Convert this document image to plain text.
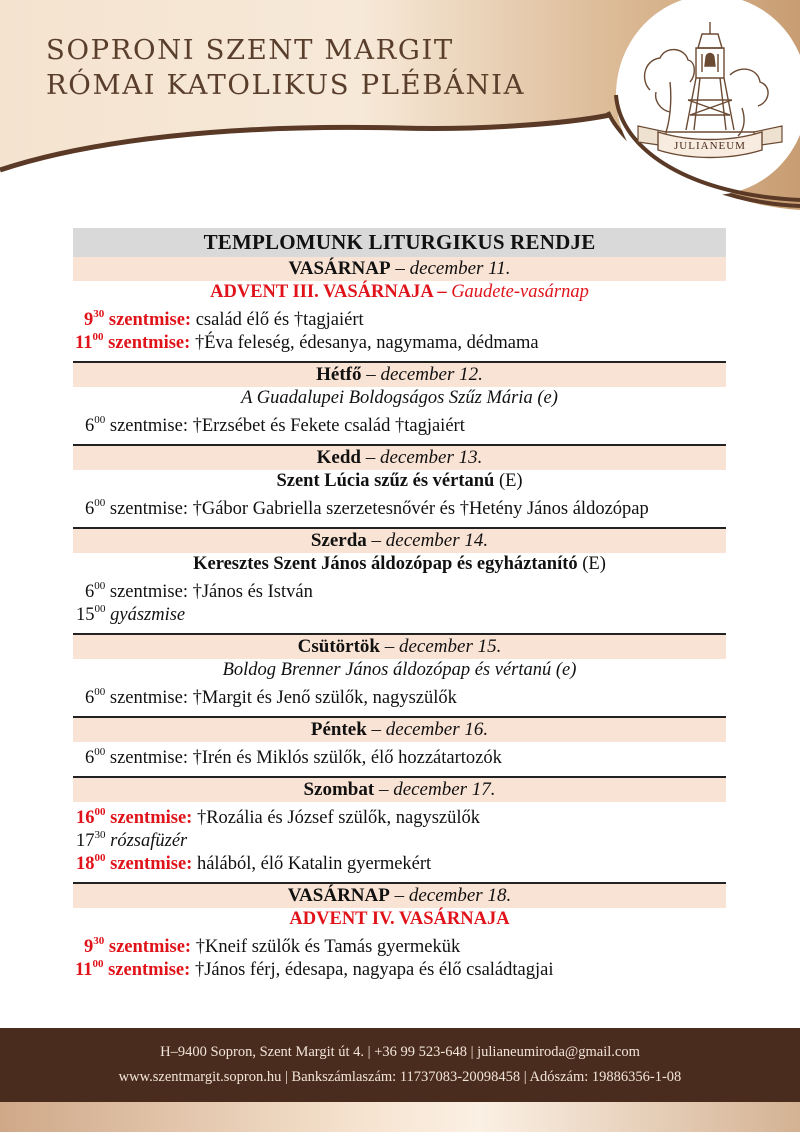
SOPRONI SZENT MARGIT
RÓMAI KATOLIKUS PLÉBÁNIA
JULIANEUM
TEMPLOMUNK LITURGIKUS RENDJE
VASÁRNAP – december 11.
ADVENT III. VASÁRNAJA – Gaudete-vasárnap
$9^{30}$ szentmise: család élő és †tagjaiért
$11^{00}$ szentmise: †Éva feleség, édesanya, nagymama, dédmama
Hétfő – december 12.
A Guadalupei Boldogságos Szűz Mária (e)
$6^{00}$ szentmise: †Erzsébet és Fekete család †tagjaiért
Kedd – december 13.
Szent Lúcia szűz és vértanú (E)
$6^{00}$ szentmise: †Gábor Gabriella szerzetesnővér és †Hetény János áldozópap
Szerda – december 14.
Keresztes Szent János áldozópap és egyháztanító (E)
$6^{00}$ szentmise: †János és István
$15^{00}$ gyászmise
Csütörtök – december 15.
Boldog Brenner János áldozópap és vértanú (e)
$6^{00}$ szentmise: †Margit és Jenő szülők, nagyszülők
Péntek – december 16.
$6^{00}$ szentmise: †Irén és Miklós szülők, élő hozzátartozók
Szombat – december 17.
$16^{00}$ szentmise: †Rozália és József szülők, nagyszülők
$17^{30}$ rózsafüzér
$18^{00}$ szentmise: hálából, élő Katalin gyermekért
VASÁRNAP – december 18.
ADVENT IV. VASÁRNAJA
$9^{30}$ szentmise: †Kneif szülők és Tamás gyermekük
$11^{00}$ szentmise: †János férj, édesapa, nagyapa és élő családtagjai
H–9400 Sopron, Szent Margit út 4. | +36 99 523-648 | julianeumiroda@gmail.com
www.szentmargit.sopron.hu | Bankszámlaszám: 11737083-20098458 | Adószám: 19886356-1-08
